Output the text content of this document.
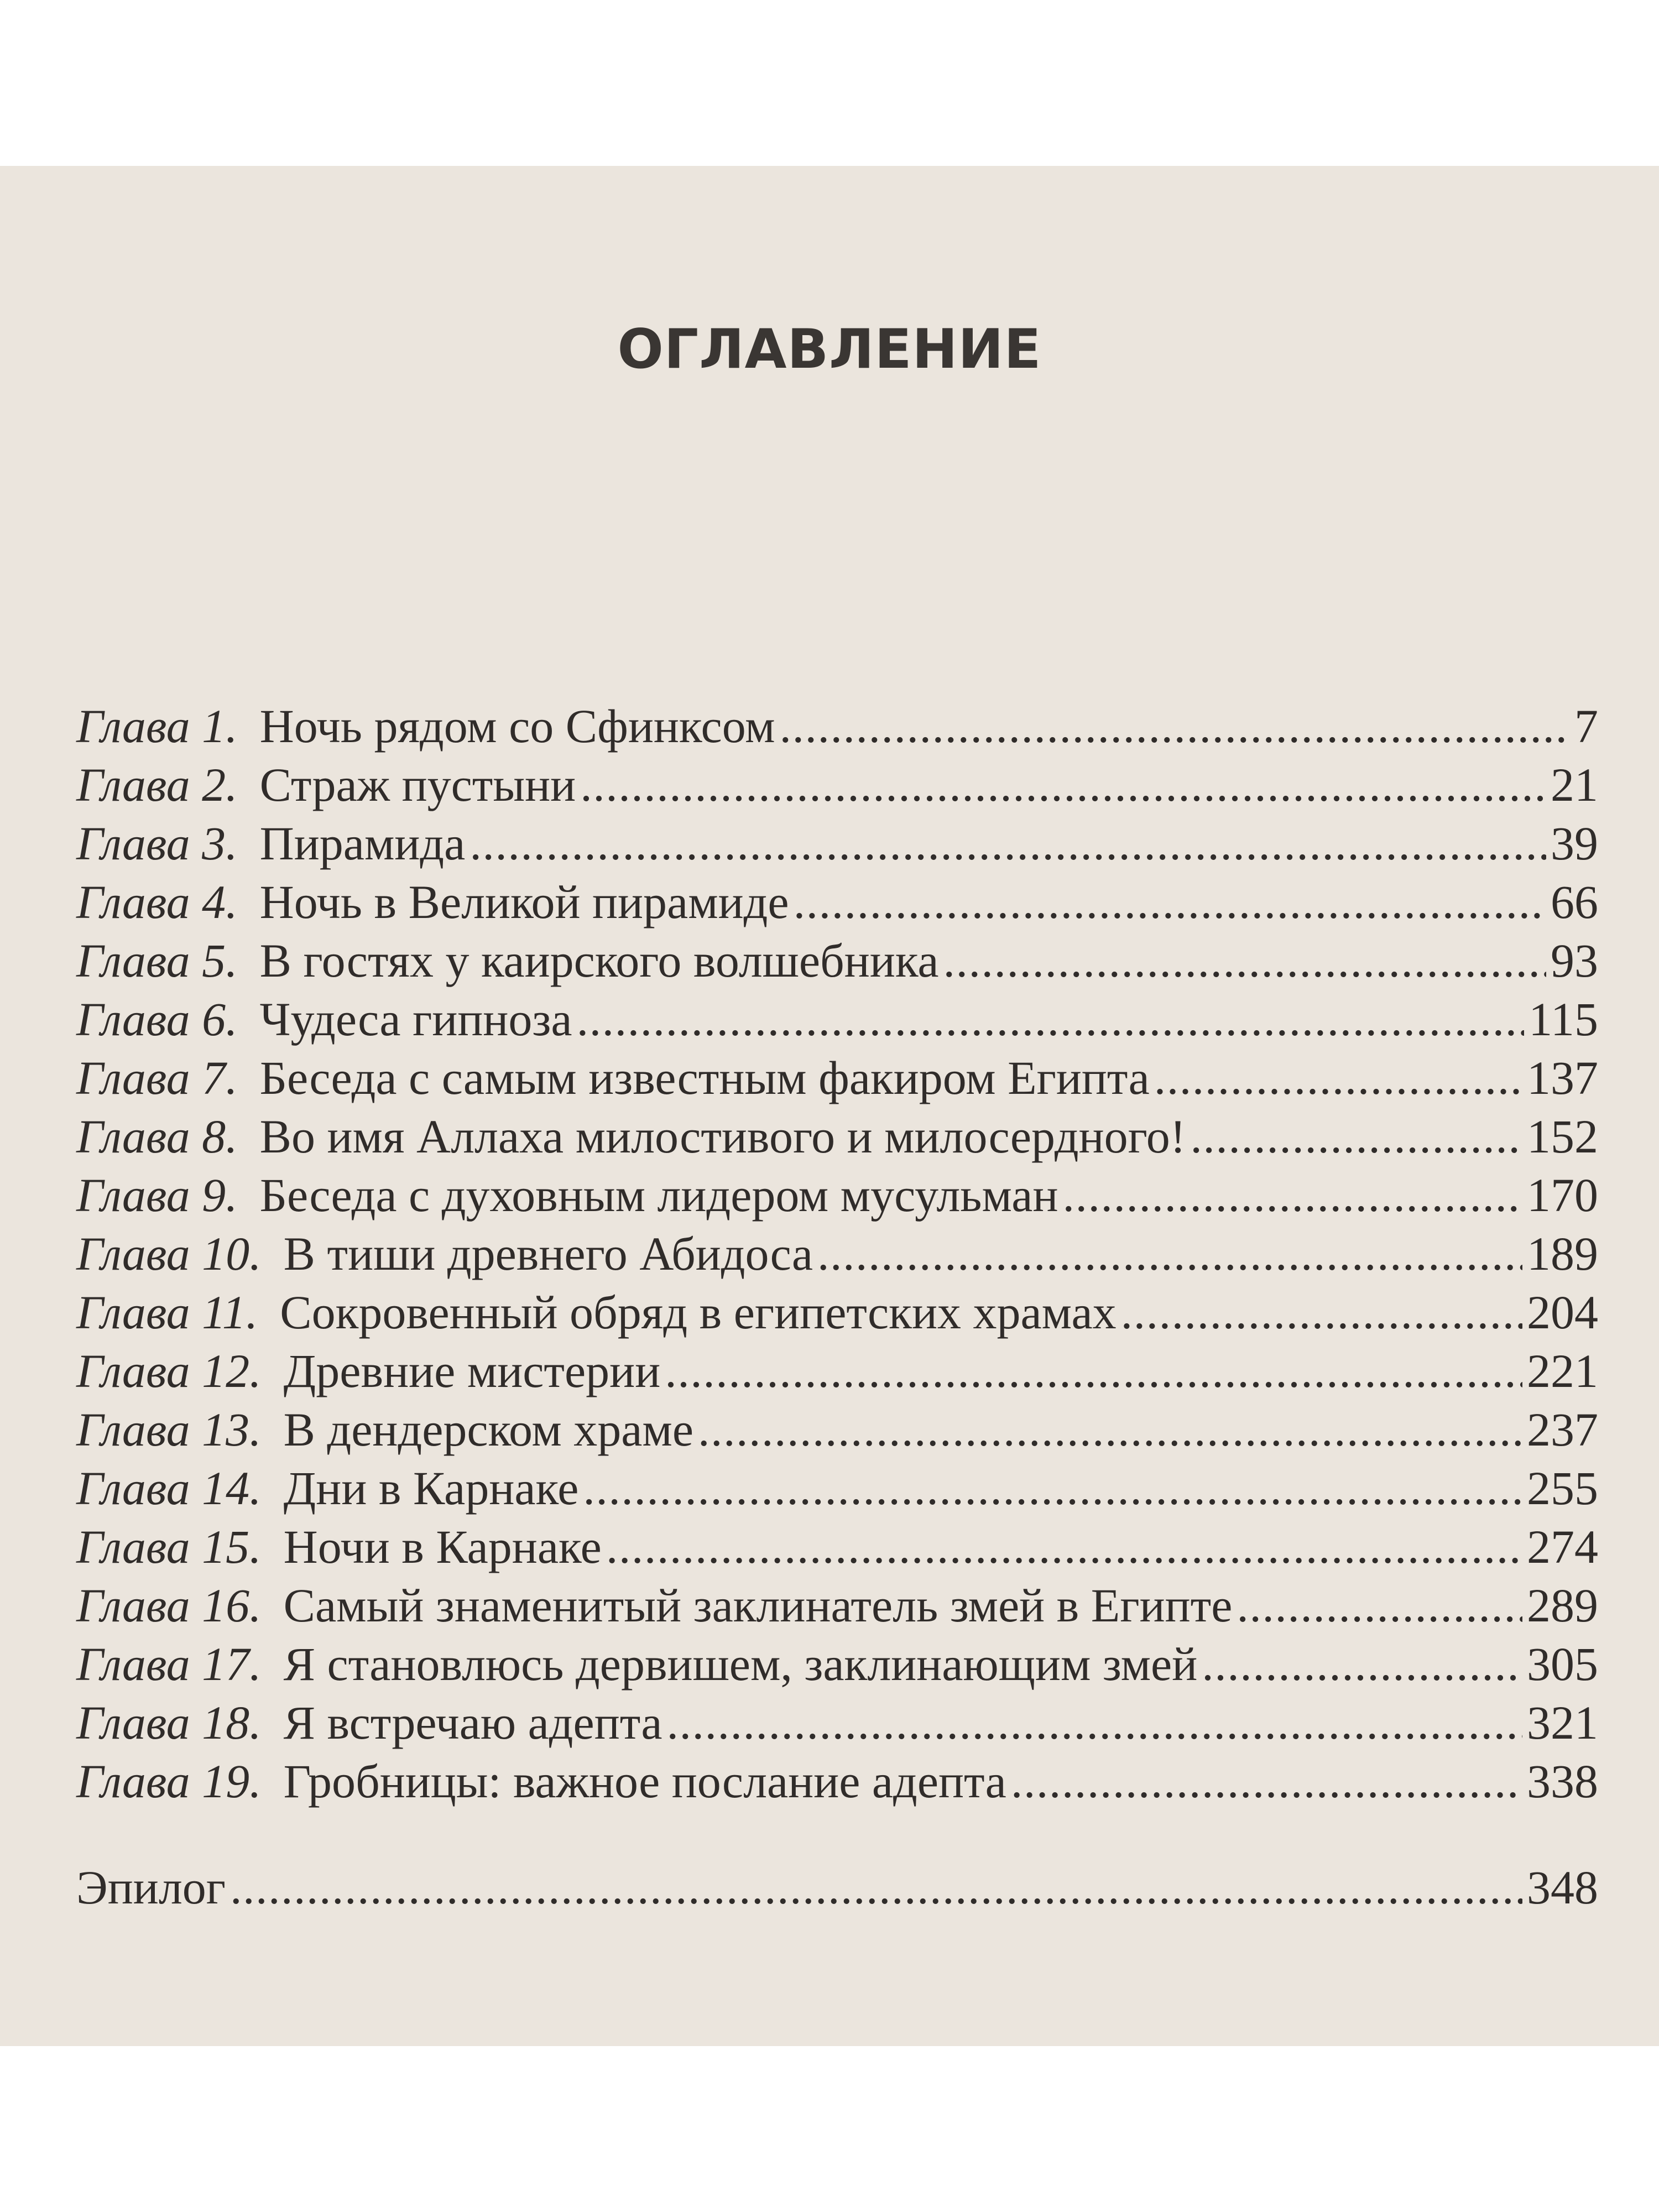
ОГЛАВЛЕНИЕ
Глава 1. Ночь рядом со Сфинксом . . .	7
Глава 2. Страж пустыни . . .	21
Глава 3. Пирамида . . .	39
Глава 4. Ночь в Великой пирамиде . . .	66
Глава 5. В гостях у каирского волшебника . . .	93
Глава 6. Чудеса гипноза . . .	115
Глава 7. Беседа с самым известным факиром Египта . . .	137
Глава 8. Во имя Аллаха милостивого и милосердного! . . .	152
Глава 9. Беседа с духовным лидером мусульман . . .	170
Глава 10. В тиши древнего Абидоса . . .	189
Глава 11. Сокровенный обряд в египетских храмах . . .	204
Глава 12. Древние мистерии . . .	221
Глава 13. В дендерском храме . . .	237
Глава 14. Дни в Карнаке . . .	255
Глава 15. Ночи в Карнаке . . .	274
Глава 16. Самый знаменитый заклинатель змей в Египте . . .	289
Глава 17. Я становлюсь дервишем, заклинающим змей . . .	305
Глава 18. Я встречаю адепта . . .	321
Глава 19. Гробницы: важное послание адепта . . .	338
Эпилог . . .	348
